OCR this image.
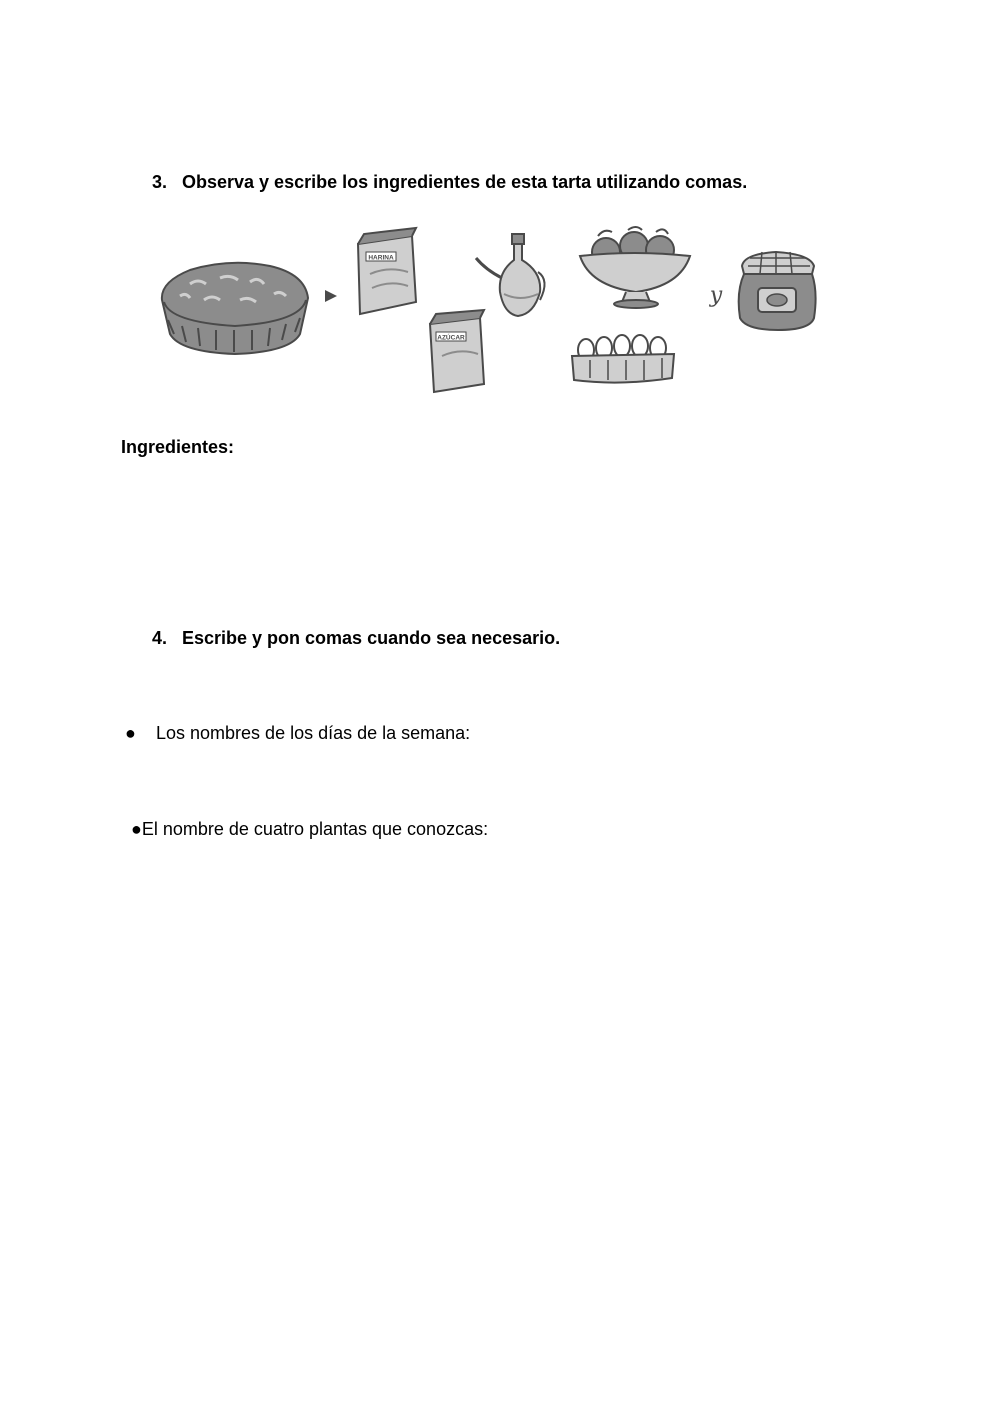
3. Observa y escribe los ingredientes de esta tarta utilizando comas.
HARINA
AZÚCAR
y
Ingredientes:
4. Escribe y pon comas cuando sea necesario.
● Los nombres de los días de la semana:
●El nombre de cuatro plantas que conozcas:
